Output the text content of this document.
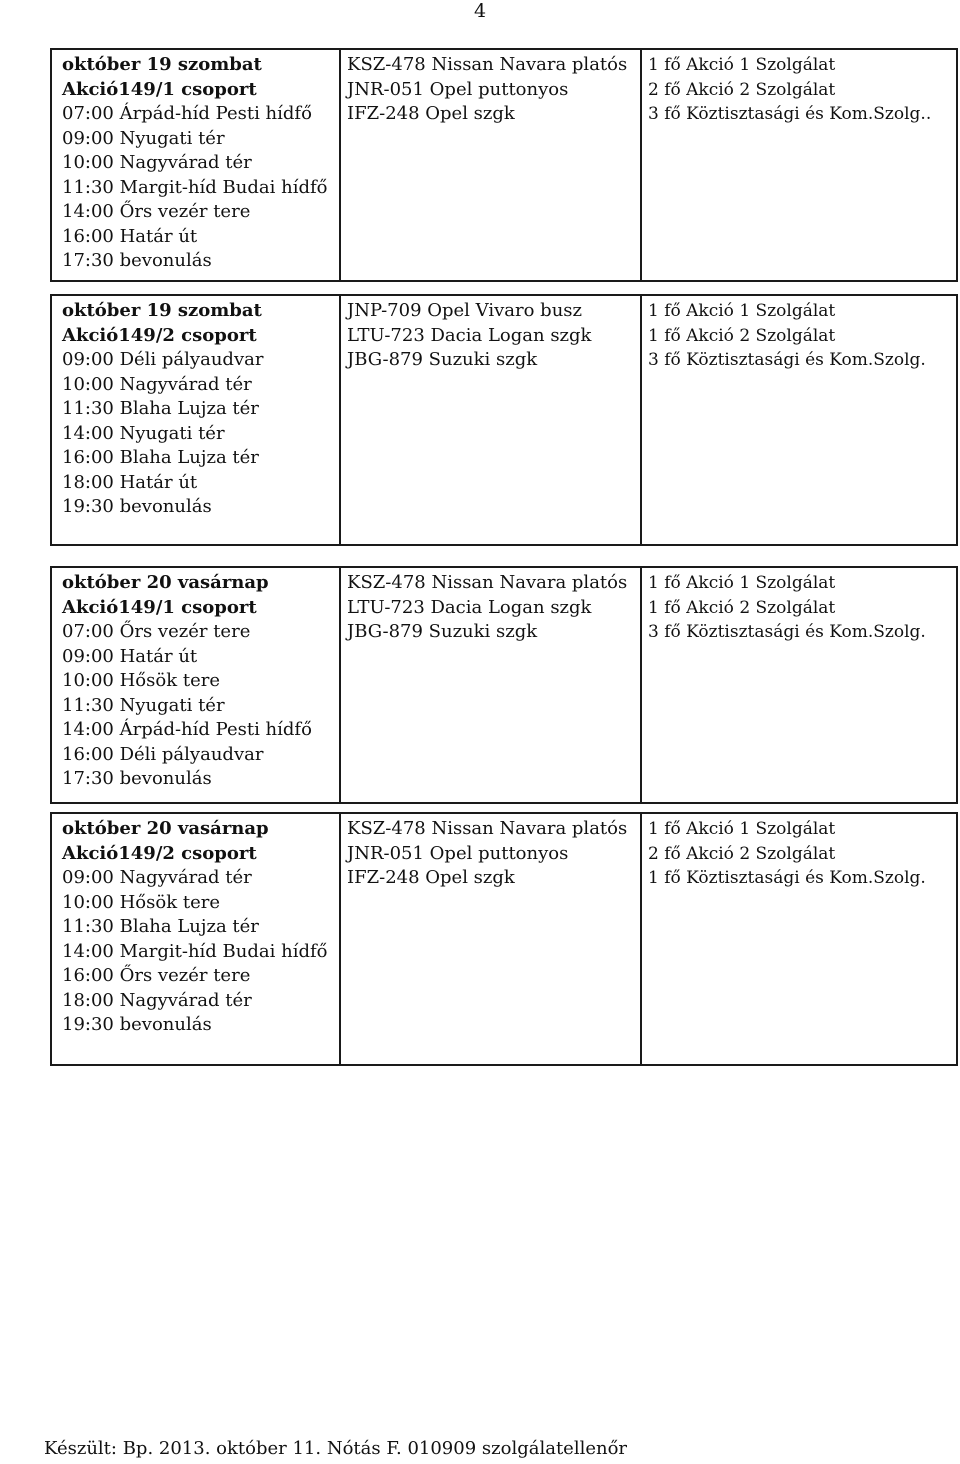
4
október 19 szombat
Akció149/1 csoport
07:00 Árpád-híd Pesti hídfő
09:00 Nyugati tér
10:00 Nagyvárad tér
11:30 Margit-híd Budai hídfő
14:00 Őrs vezér tere
16:00 Határ út
17:30 bevonulás
KSZ-478 Nissan Navara platós
JNR-051 Opel puttonyos
IFZ-248 Opel szgk
1 fő Akció 1 Szolgálat
2 fő Akció 2 Szolgálat
3 fő Köztisztasági és Kom.Szolg..
október 19 szombat
Akció149/2 csoport
09:00 Déli pályaudvar
10:00 Nagyvárad tér
11:30 Blaha Lujza tér
14:00 Nyugati tér
16:00 Blaha Lujza tér
18:00 Határ út
19:30 bevonulás
JNP-709 Opel Vivaro busz
LTU-723 Dacia Logan szgk
JBG-879 Suzuki szgk
1 fő Akció 1 Szolgálat
1 fő Akció 2 Szolgálat
3 fő Köztisztasági és Kom.Szolg.
október 20 vasárnap
Akció149/1 csoport
07:00 Őrs vezér tere
09:00 Határ út
10:00 Hősök tere
11:30 Nyugati tér
14:00 Árpád-híd Pesti hídfő
16:00 Déli pályaudvar
17:30 bevonulás
KSZ-478 Nissan Navara platós
LTU-723 Dacia Logan szgk
JBG-879 Suzuki szgk
1 fő Akció 1 Szolgálat
1 fő Akció 2 Szolgálat
3 fő Köztisztasági és Kom.Szolg.
október 20 vasárnap
Akció149/2 csoport
09:00 Nagyvárad tér
10:00 Hősök tere
11:30 Blaha Lujza tér
14:00 Margit-híd Budai hídfő
16:00 Őrs vezér tere
18:00 Nagyvárad tér
19:30 bevonulás
KSZ-478 Nissan Navara platós
JNR-051 Opel puttonyos
IFZ-248 Opel szgk
1 fő Akció 1 Szolgálat
2 fő Akció 2 Szolgálat
1 fő Köztisztasági és Kom.Szolg.
Készült: Bp. 2013. október 11. Nótás F. 010909 szolgálatellenőr
